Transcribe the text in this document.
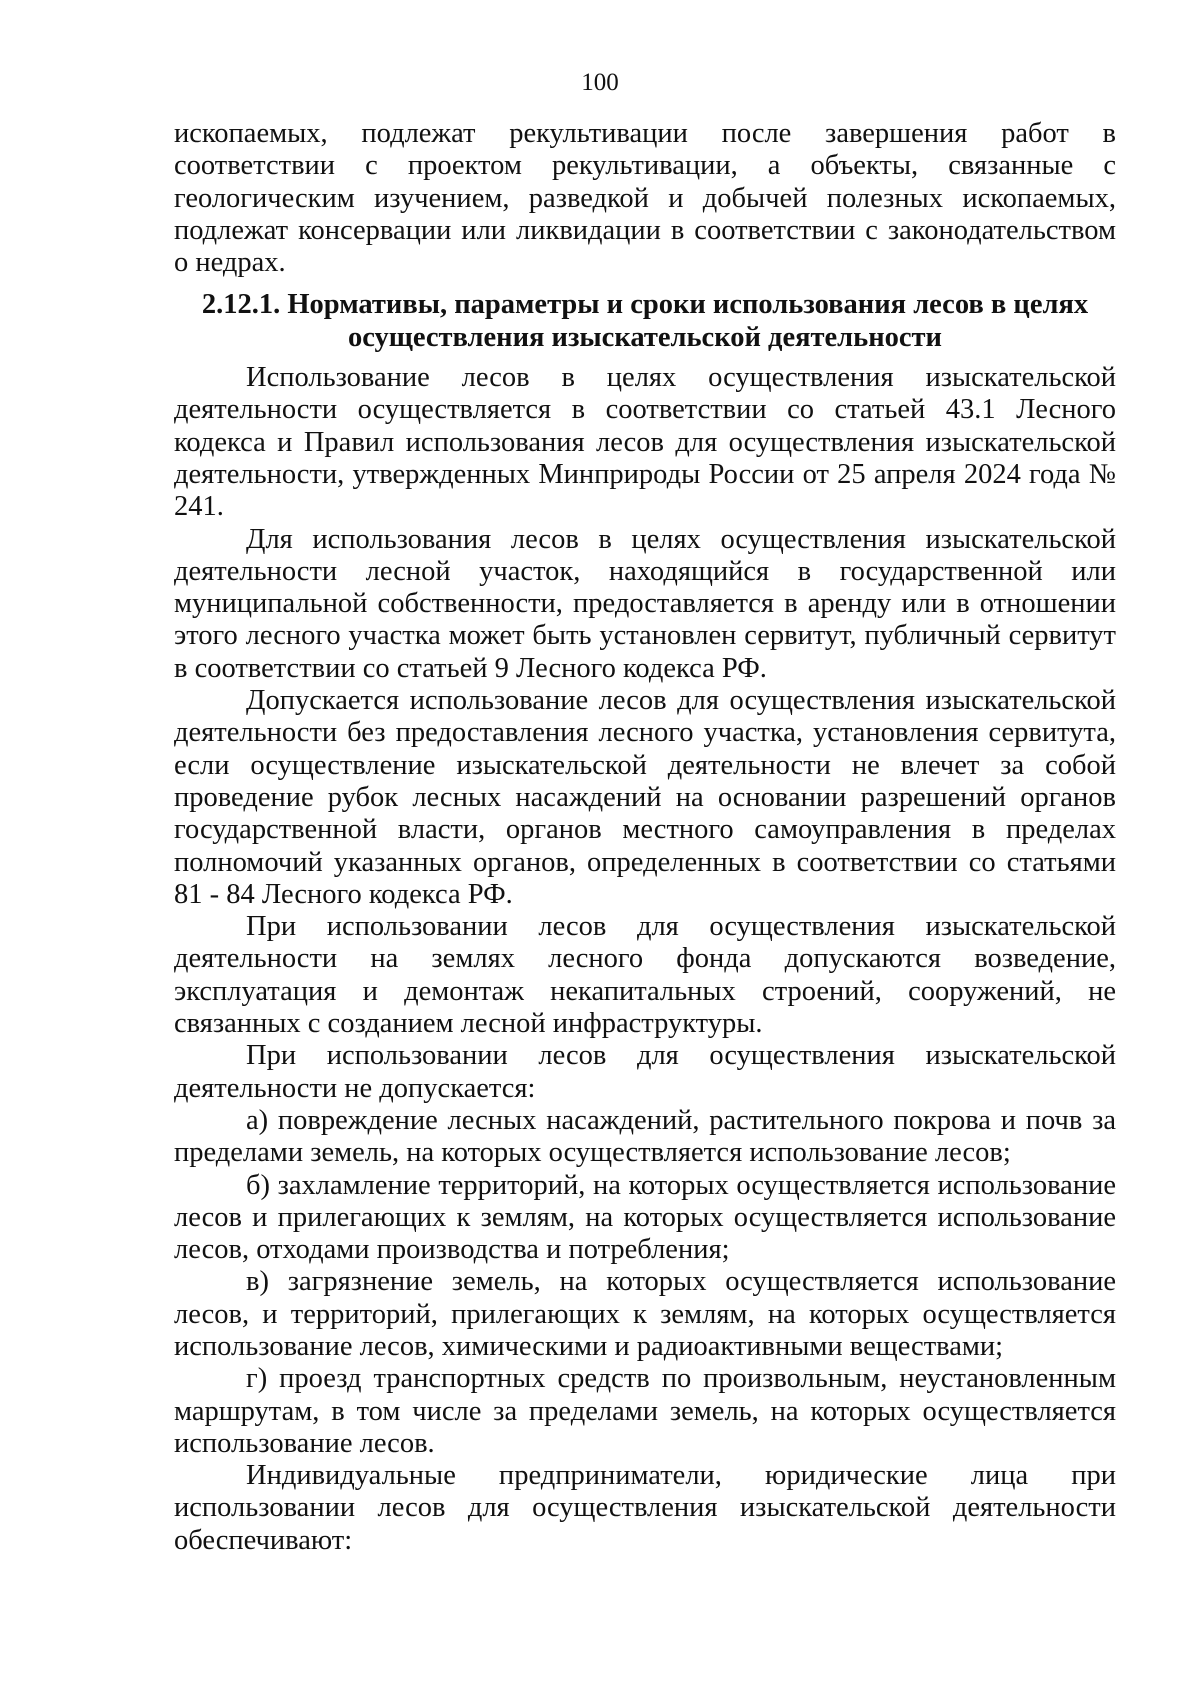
100

ископаемых, подлежат рекультивации после завершения работ в соответствии с проектом рекультивации, а объекты, связанные с геологическим изучением, разведкой и добычей полезных ископаемых, подлежат консервации или ликвидации в соответствии с законодательством о недрах.

2.12.1. Нормативы, параметры и сроки использования лесов в целях осуществления изыскательской деятельности

Использование лесов в целях осуществления изыскательской деятельности осуществляется в соответствии со статьей 43.1 Лесного кодекса и Правил использования лесов для осуществления изыскательской деятельности, утвержденных Минприроды России от 25 апреля 2024 года № 241.

Для использования лесов в целях осуществления изыскательской деятельности лесной участок, находящийся в государственной или муниципальной собственности, предоставляется в аренду или в отношении этого лесного участка может быть установлен сервитут, публичный сервитут в соответствии со статьей 9 Лесного кодекса РФ.

Допускается использование лесов для осуществления изыскательской деятельности без предоставления лесного участка, установления сервитута, если осуществление изыскательской деятельности не влечет за собой проведение рубок лесных насаждений на основании разрешений органов государственной власти, органов местного самоуправления в пределах полномочий указанных органов, определенных в соответствии со статьями 81 - 84 Лесного кодекса РФ.

При использовании лесов для осуществления изыскательской деятельности на землях лесного фонда допускаются возведение, эксплуатация и демонтаж некапитальных строений, сооружений, не связанных с созданием лесной инфраструктуры.

При использовании лесов для осуществления изыскательской деятельности не допускается:

а) повреждение лесных насаждений, растительного покрова и почв за пределами земель, на которых осуществляется использование лесов;

б) захламление территорий, на которых осуществляется использование лесов и прилегающих к землям, на которых осуществляется использование лесов, отходами производства и потребления;

в) загрязнение земель, на которых осуществляется использование лесов, и территорий, прилегающих к землям, на которых осуществляется использование лесов, химическими и радиоактивными веществами;

г) проезд транспортных средств по произвольным, неустановленным маршрутам, в том числе за пределами земель, на которых осуществляется использование лесов.

Индивидуальные предприниматели, юридические лица при использовании лесов для осуществления изыскательской деятельности обеспечивают:
